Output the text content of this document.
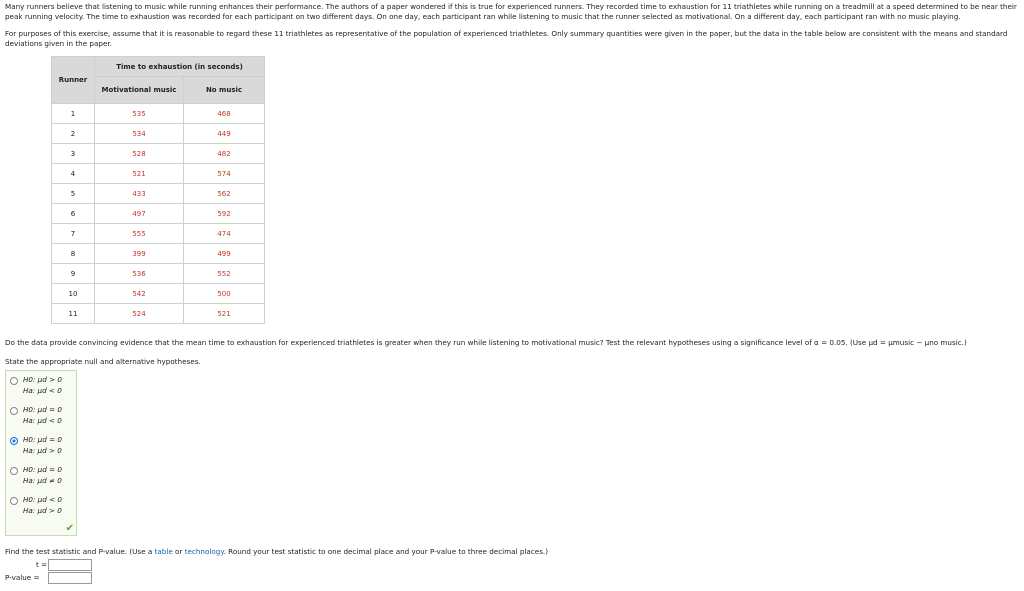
Many runners believe that listening to music while running enhances their performance. The authors of a paper wondered if this is true for experienced runners. They recorded time to exhaustion for 11 triathletes while running on a treadmill at a speed determined to be near their peak running velocity. The time to exhaustion was recorded for each participant on two different days. On one day, each participant ran while listening to music that the runner selected as motivational. On a different day, each participant ran with no music playing.

For purposes of this exercise, assume that it is reasonable to regard these 11 triathletes as representative of the population of experienced triathletes. Only summary quantities were given in the paper, but the data in the table below are consistent with the means and standard deviations given in the paper.

Runner	Time to exhaustion (in seconds)	
	Motivational music	No music
1	535	468
2	534	449
3	528	482
4	521	574
5	433	562
6	497	592
7	555	474
8	399	499
9	536	552
10	542	500
11	524	521

Do the data provide convincing evidence that the mean time to exhaustion for experienced triathletes is greater when they run while listening to motivational music? Test the relevant hypotheses using a significance level of α = 0.05. (Use μd = μmusic − μno music.)

State the appropriate null and alternative hypotheses.

✔
H0: μd > 0
Ha: μd < 0
H0: μd = 0
Ha: μd < 0
H0: μd = 0
Ha: μd > 0
H0: μd = 0
Ha: μd ≠ 0
H0: μd < 0
Ha: μd > 0

Find the test statistic and P-value. (Use a table or technology. Round your test statistic to one decimal place and your P-value to three decimal places.)

t =
P-value =
